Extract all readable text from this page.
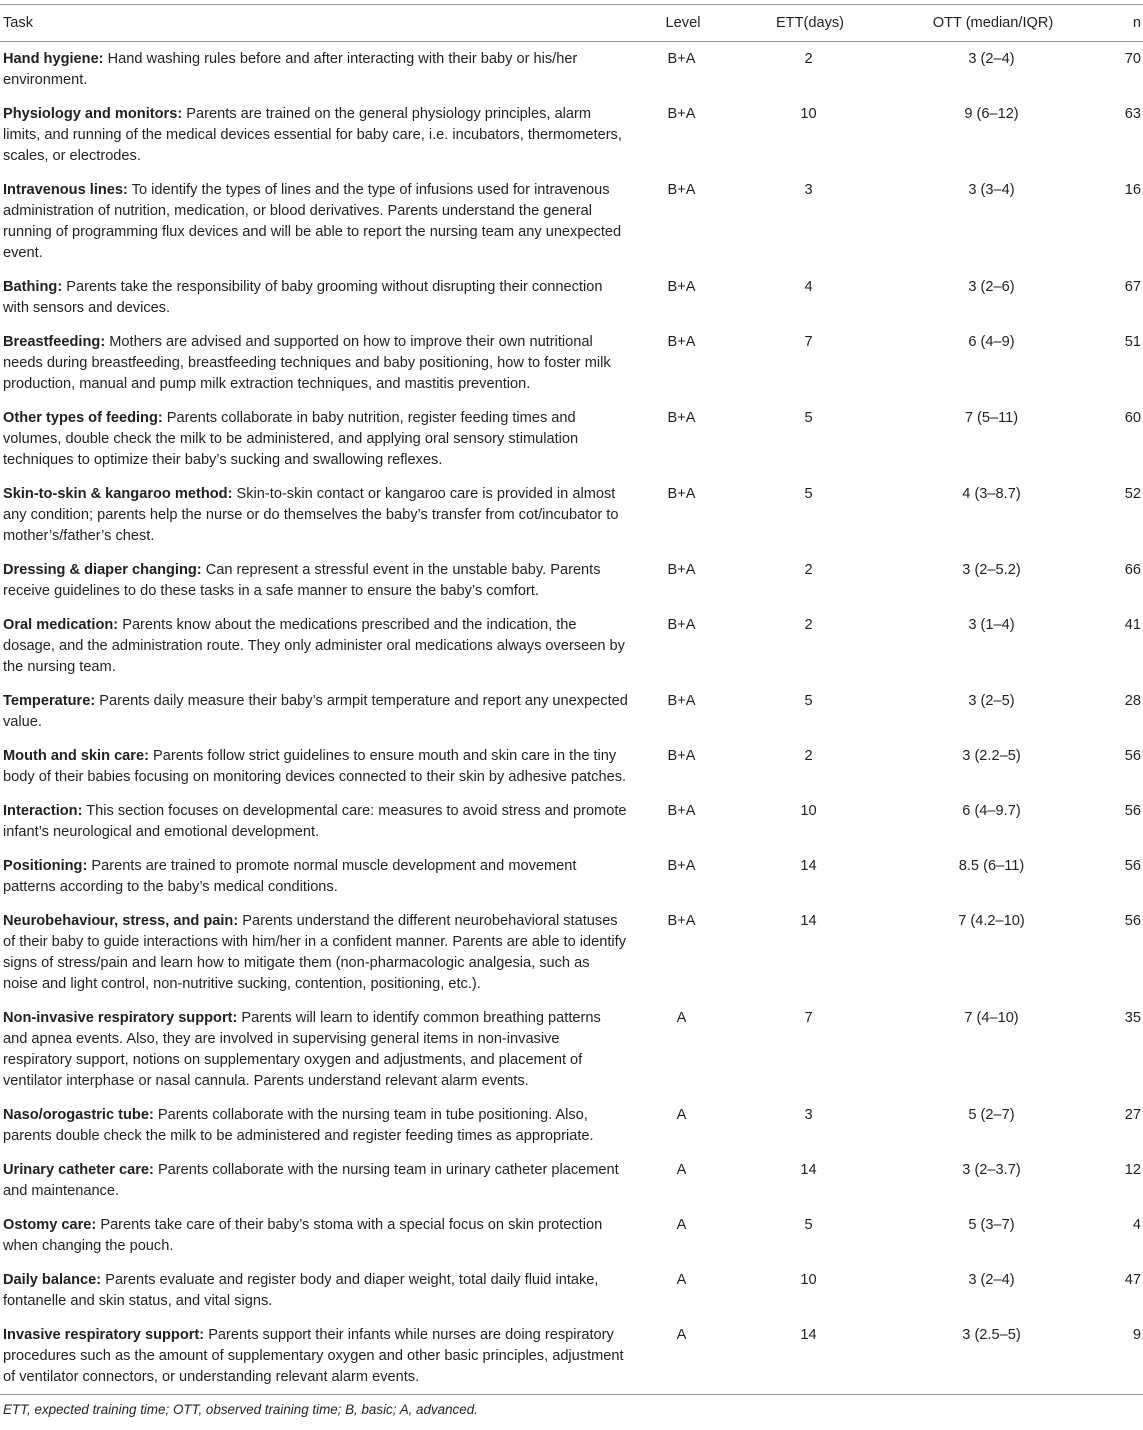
Task	Level	ETT(days)	OTT (median/IQR)	n
Hand hygiene: Hand washing rules before and after interacting with their baby or his/her environment.	B+A	2	3 (2–4)	70
Physiology and monitors: Parents are trained on the general physiology principles, alarm limits, and running of the medical devices essential for baby care, i.e. incubators, thermometers, scales, or electrodes.	B+A	10	9 (6–12)	63
Intravenous lines: To identify the types of lines and the type of infusions used for intravenous administration of nutrition, medication, or blood derivatives. Parents understand the general running of programming flux devices and will be able to report the nursing team any unexpected event.	B+A	3	3 (3–4)	16
Bathing: Parents take the responsibility of baby grooming without disrupting their connection with sensors and devices.	B+A	4	3 (2–6)	67
Breastfeeding: Mothers are advised and supported on how to improve their own nutritional needs during breastfeeding, breastfeeding techniques and baby positioning, how to foster milk production, manual and pump milk extraction techniques, and mastitis prevention.	B+A	7	6 (4–9)	51
Other types of feeding: Parents collaborate in baby nutrition, register feeding times and volumes, double check the milk to be administered, and applying oral sensory stimulation techniques to optimize their baby’s sucking and swallowing reflexes.	B+A	5	7 (5–11)	60
Skin-to-skin & kangaroo method: Skin-to-skin contact or kangaroo care is provided in almost any condition; parents help the nurse or do themselves the baby’s transfer from cot/incubator to mother’s/father’s chest.	B+A	5	4 (3–8.7)	52
Dressing & diaper changing: Can represent a stressful event in the unstable baby. Parents receive guidelines to do these tasks in a safe manner to ensure the baby’s comfort.	B+A	2	3 (2–5.2)	66
Oral medication: Parents know about the medications prescribed and the indication, the dosage, and the administration route. They only administer oral medications always overseen by the nursing team.	B+A	2	3 (1–4)	41
Temperature: Parents daily measure their baby’s armpit temperature and report any unexpected value.	B+A	5	3 (2–5)	28
Mouth and skin care: Parents follow strict guidelines to ensure mouth and skin care in the tiny body of their babies focusing on monitoring devices connected to their skin by adhesive patches.	B+A	2	3 (2.2–5)	56
Interaction: This section focuses on developmental care: measures to avoid stress and promote infant’s neurological and emotional development.	B+A	10	6 (4–9.7)	56
Positioning: Parents are trained to promote normal muscle development and movement patterns according to the baby’s medical conditions.	B+A	14	8.5 (6–11)	56
Neurobehaviour, stress, and pain: Parents understand the different neurobehavioral statuses of their baby to guide interactions with him/her in a confident manner. Parents are able to identify signs of stress/pain and learn how to mitigate them (non-pharmacologic analgesia, such as noise and light control, non-nutritive sucking, contention, positioning, etc.).	B+A	14	7 (4.2–10)	56
Non-invasive respiratory support: Parents will learn to identify common breathing patterns and apnea events. Also, they are involved in supervising general items in non-invasive respiratory support, notions on supplementary oxygen and adjustments, and placement of ventilator interphase or nasal cannula. Parents understand relevant alarm events.	A	7	7 (4–10)	35
Naso/orogastric tube: Parents collaborate with the nursing team in tube positioning. Also, parents double check the milk to be administered and register feeding times as appropriate.	A	3	5 (2–7)	27
Urinary catheter care: Parents collaborate with the nursing team in urinary catheter placement and maintenance.	A	14	3 (2–3.7)	12
Ostomy care: Parents take care of their baby’s stoma with a special focus on skin protection when changing the pouch.	A	5	5 (3–7)	4
Daily balance: Parents evaluate and register body and diaper weight, total daily fluid intake, fontanelle and skin status, and vital signs.	A	10	3 (2–4)	47
Invasive respiratory support: Parents support their infants while nurses are doing respiratory procedures such as the amount of supplementary oxygen and other basic principles, adjustment of ventilator connectors, or understanding relevant alarm events.	A	14	3 (2.5–5)	9
ETT, expected training time; OTT, observed training time; B, basic; A, advanced.
